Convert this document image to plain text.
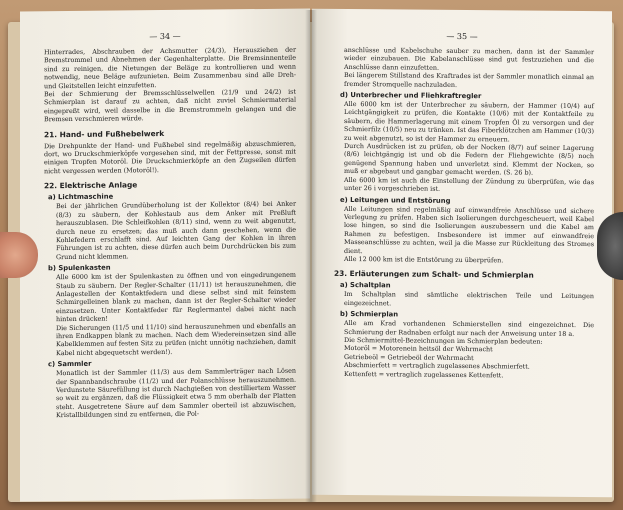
— 34 —

Hinterrades, Abschrauben der Achsmutter (24/3), Herausziehen der Bremstrommel und Abnehmen der Gegenhalterplatte. Die Bremsinnenteile sind zu reinigen, die Nietungen der Beläge zu kontrollieren und wenn notwendig, neue Beläge aufzunieten. Beim Zusammenbau sind alle Dreh- und Gleitstellen leicht einzufetten.

Bei der Schmierung der Bremsschlüsselwellen (21/9 und 24/2) ist Schmierplan ist darauf zu achten, daß nicht zuviel Schmiermaterial eingepreßt wird, weil dasselbe in die Bremstrommeln gelangen und die Bremsen verschmieren würde.

21. Hand- und Fußhebelwerk

Die Drehpunkte der Hand- und Fußhebel sind regelmäßig abzuschmieren, dort, wo Druckschmierköpfe vorgesehen sind, mit der Fettpresse, sonst mit einigen Tropfen Motoröl. Die Druckschmierköpfe an den Zugseilen dürfen nicht vergessen werden (Motoröl!).

22. Elektrische Anlage
a) Lichtmaschine

Bei der jährlichen Grundüberholung ist der Kollektor (8/4) bei Anker (8/3) zu säubern, der Kohlestaub aus dem Anker mit Preßluft herauszublasen. Die Schleifkohlen (8/11) sind, wenn zu weit abgenutzt, durch neue zu ersetzen; das muß auch dann geschehen, wenn die Kohlefedern erschlafft sind. Auf leichten Gang der Kohlen in ihren Führungen ist zu achten, diese dürfen auch beim Durchdrücken bis zum Grund nicht klemmen.

b) Spulenkasten

Alle 6000 km ist der Spulenkasten zu öffnen und von eingedrungenem Staub zu säubern. Der Regler-Schalter (11/11) ist herauszunehmen, die Anlagestellen der Kontaktfedern und diese selbst sind mit feinstem Schmirgelleinen blank zu machen, dann ist der Regler-Schalter wieder einzusetzen. Unter Kontaktfeder für Reglermantel dabei nicht nach hinten drücken!

Die Sicherungen (11/5 und 11/10) sind herauszunehmen und ebenfalls an ihren Endkappen blank zu machen. Nach dem Wiedereinsetzen sind alle Kabelklemmen auf festen Sitz zu prüfen (nicht unnötig nachziehen, damit Kabel nicht abgequetscht werden!).

c) Sammler

Monatlich ist der Sammler (11/3) aus dem Sammlerträger nach Lösen der Spannbandschraube (11/2) und der Polanschlüsse herauszunehmen. Verdunstete Säurefüllung ist durch Nachgießen von destilliertem Wasser so weit zu ergänzen, daß die Flüssigkeit etwa 5 mm oberhalb der Platten steht. Ausgetretene Säure auf dem Sammler oberteil ist abzuwischen, Kristallbildungen sind zu entfernen, die Pol-

— 35 —

anschlüsse und Kabelschuhe sauber zu machen, dann ist der Sammler wieder einzubauen. Die Kabelanschlüsse sind gut festzuziehen und die Anschlüsse dann einzufetten.

Bei längerem Stillstand des Kraftrades ist der Sammler monatlich einmal an fremder Stromquelle nachzuladen.

d) Unterbrecher und Fliehkraftregler

Alle 6000 km ist der Unterbrecher zu säubern, der Hammer (10/4) auf Leichtgängigkeit zu prüfen, die Kontakte (10/6) mit der Kontaktfeile zu säubern, die Hammerlagerung mit einem Tropfen Öl zu versorgen und der Schmierfilz (10/5) neu zu tränken. Ist das Fiberklötzchen am Hammer (10/3) zu weit abgenutzt, so ist der Hammer zu erneuern.

Durch Ausdrücken ist zu prüfen, ob der Nocken (8/7) auf seiner Lagerung (8/6) leichtgängig ist und ob die Federn der Fliehgewichte (8/5) noch genügend Spannung haben und unverletzt sind. Klemmt der Nocken, so muß er abgebaut und gangbar gemacht werden. (S. 26 b).

Alle 6000 km ist auch die Einstellung der Zündung zu überprüfen, wie das unter 26 i vorgeschrieben ist.

e) Leitungen und Entstörung

Alle Leitungen sind regelmäßig auf einwandfreie Anschlüsse und sichere Verlegung zu prüfen. Haben sich Isolierungen durchgescheuert, weil Kabel lose hingen, so sind die Isolierungen auszubessern und die Kabel am Rahmen zu befestigen. Insbesondere ist immer auf einwandfreie Masseanschlüsse zu achten, weil ja die Masse zur Rückleitung des Stromes dient.

Alle 12 000 km ist die Entstörung zu überprüfen.

23. Erläuterungen zum Schalt- und Schmierplan
a) Schaltplan

Im Schaltplan sind sämtliche elektrischen Teile und Leitungen eingezeichnet.

b) Schmierplan

Alle am Krad vorhandenen Schmierstellen sind eingezeichnet. Die Schmierung der Radnaben erfolgt nur nach der Anweisung unter 18 a.

Die Schmiermittel-Bezeichnungen im Schmierplan bedeuten:

Motoröl = Motorenein heitsöl der Wehrmacht

Getriebeöl = Getriebeöl der Wehrmacht

Abschmierfett = vertraglich zugelassenes Abschmierfett.

Kettenfett = vertraglich zugelassenes Kettenfett.
